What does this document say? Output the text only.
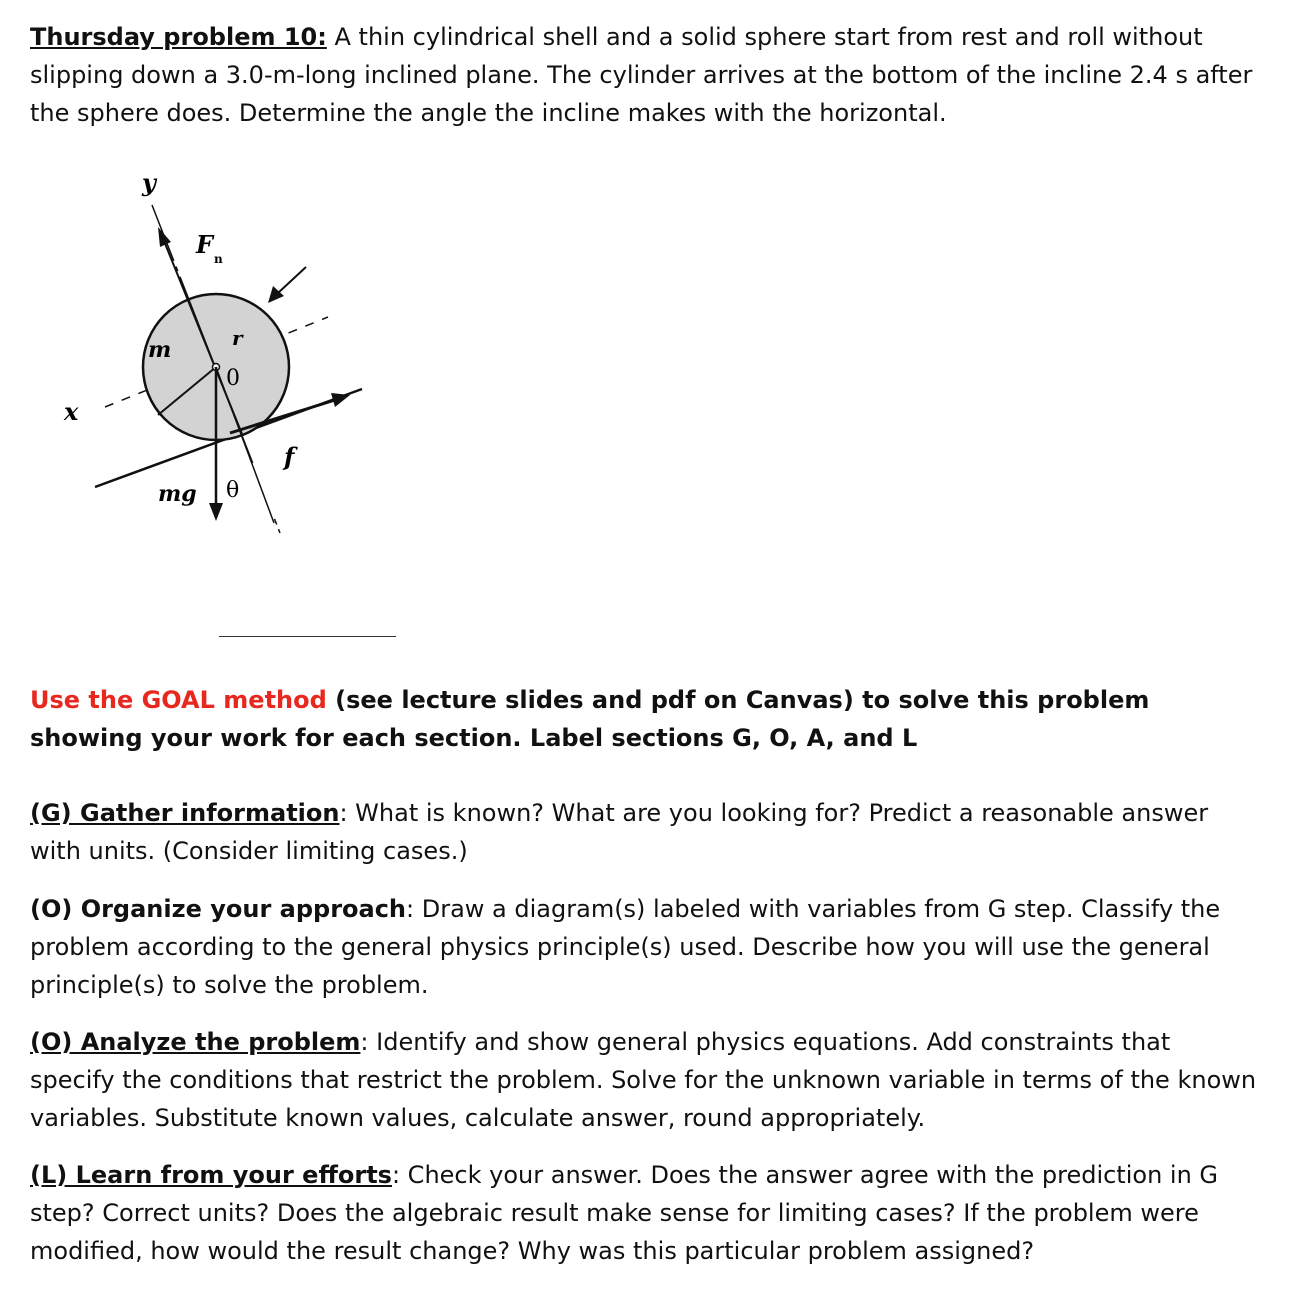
Thursday problem 10: A thin cylindrical shell and a solid sphere start from rest and roll without slipping down a 3.0-m-long inclined plane. The cylinder arrives at the bottom of the incline 2.4 s after the sphere does. Determine the angle the incline makes with the horizontal.

y
x
F n
m	r
0
mg θ
f

Use the GOAL method (see lecture slides and pdf on Canvas) to solve this problem showing your work for each section. Label sections G, O, A, and L

(G) Gather information: What is known? What are you looking for? Predict a reasonable answer with units. (Consider limiting cases.)

(O) Organize your approach: Draw a diagram(s) labeled with variables from G step. Classify the problem according to the general physics principle(s) used. Describe how you will use the general principle(s) to solve the problem.

(O) Analyze the problem: Identify and show general physics equations. Add constraints that specify the conditions that restrict the problem. Solve for the unknown variable in terms of the known variables. Substitute known values, calculate answer, round appropriately.

(L) Learn from your efforts: Check your answer. Does the answer agree with the prediction in G step? Correct units? Does the algebraic result make sense for limiting cases? If the problem were modified, how would the result change? Why was this particular problem assigned?
